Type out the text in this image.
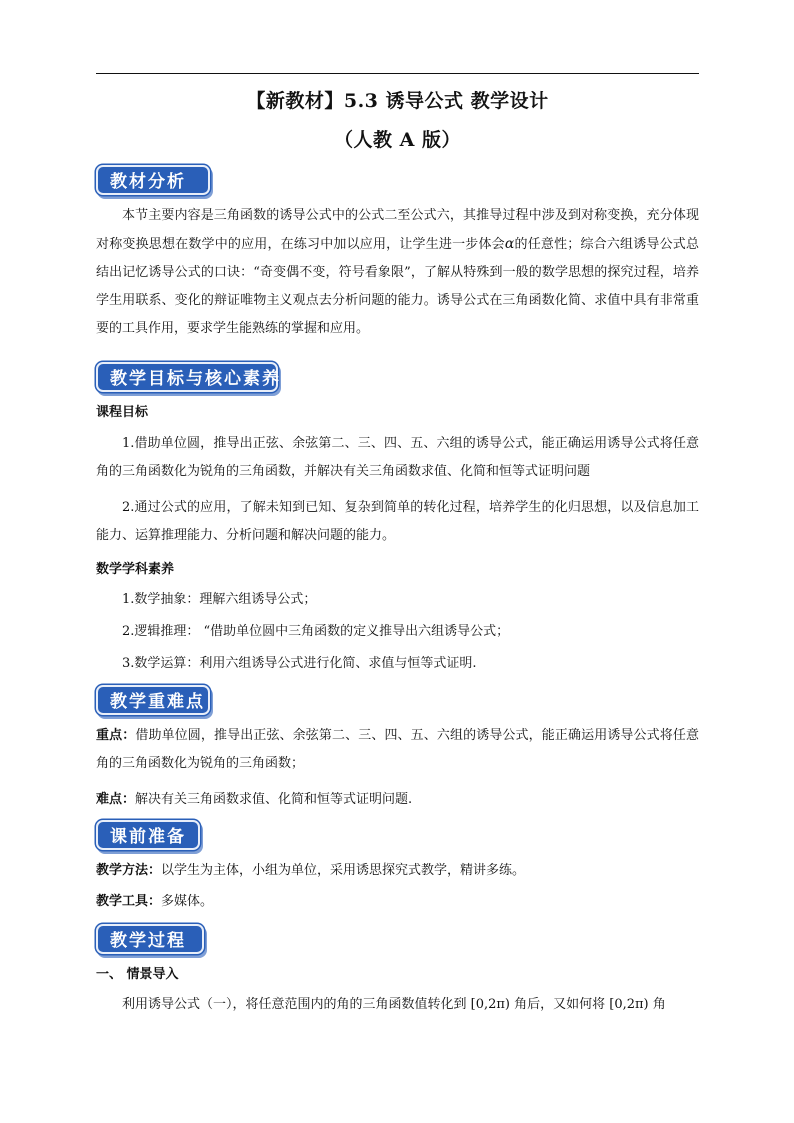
【新教材】5.3 诱导公式 教学设计
（人教 A 版）
教材分析
本节主要内容是三角函数的诱导公式中的公式二至公式六，其推导过程中涉及到对称变换，充分体现对称变换思想在数学中的应用，在练习中加以应用，让学生进一步体会α的任意性；综合六组诱导公式总结出记忆诱导公式的口诀：“奇变偶不变，符号看象限”，了解从特殊到一般的数学思想的探究过程，培养学生用联系、变化的辩证唯物主义观点去分析问题的能力。诱导公式在三角函数化简、求值中具有非常重要的工具作用，要求学生能熟练的掌握和应用。
教学目标与核心素养
课程目标
1.借助单位圆，推导出正弦、余弦第二、三、四、五、六组的诱导公式，能正确运用诱导公式将任意角的三角函数化为锐角的三角函数，并解决有关三角函数求值、化简和恒等式证明问题
2.通过公式的应用，了解未知到已知、复杂到简单的转化过程，培养学生的化归思想，以及信息加工能力、运算推理能力、分析问题和解决问题的能力。
数学学科素养
1.数学抽象：理解六组诱导公式；
2.逻辑推理： “借助单位圆中三角函数的定义推导出六组诱导公式；
3.数学运算：利用六组诱导公式进行化简、求值与恒等式证明.
教学重难点
重点：借助单位圆，推导出正弦、余弦第二、三、四、五、六组的诱导公式，能正确运用诱导公式将任意角的三角函数化为锐角的三角函数；
难点：解决有关三角函数求值、化简和恒等式证明问题.
课前准备
教学方法：以学生为主体，小组为单位，采用诱思探究式教学，精讲多练。
教学工具：多媒体。
教学过程
一、 情景导入
利用诱导公式（一），将任意范围内的角的三角函数值转化到 [0,2π) 角后，又如何将 [0,2π) 角
